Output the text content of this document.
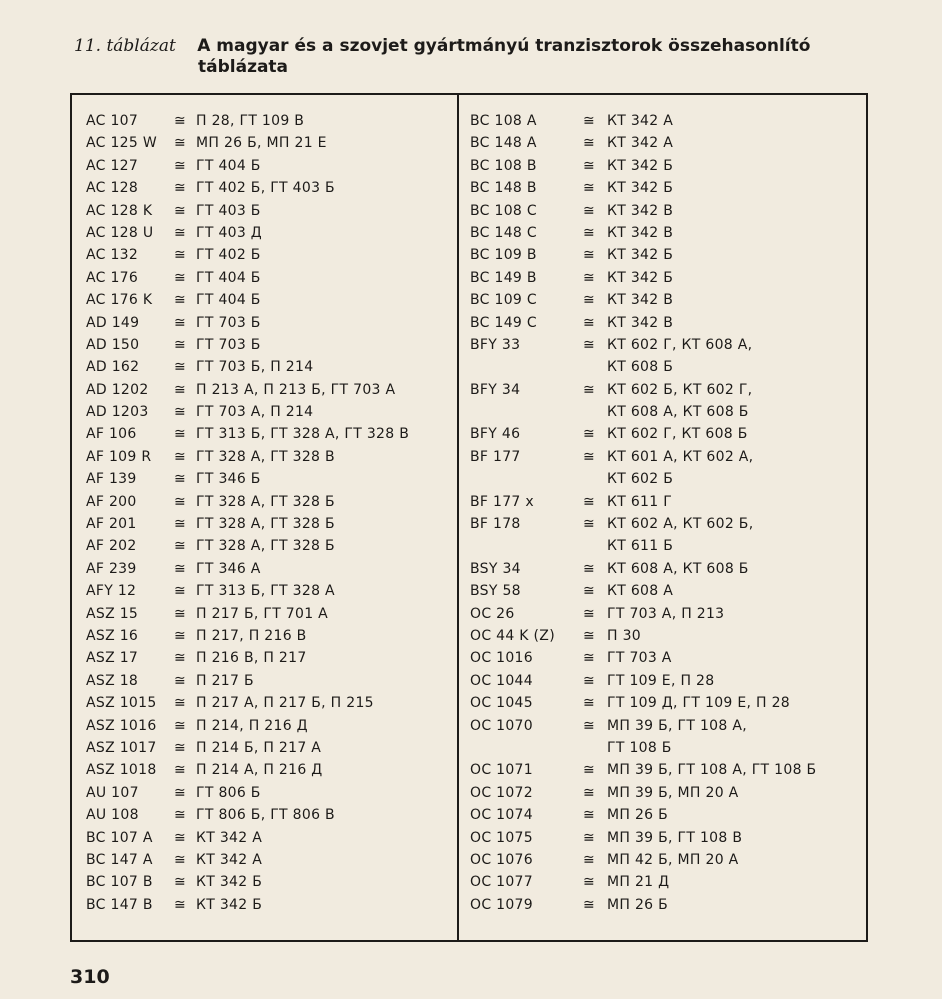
11. táblázat A magyar és a szovjet gyártmányú tranzisztorok összehasonlító
táblázata
AC 107	≅ П 28, ГТ 109 В
AC 125 W ≅ МП 26 Б, МП 21 Е
AC 127	≅ ГТ 404 Б
AC 128	≅ ГТ 402 Б, ГТ 403 Б
AC 128 K ≅ ГТ 403 Б
AC 128 U ≅ ГТ 403 Д
AC 132	≅ ГТ 402 Б
AC 176	≅ ГТ 404 Б
AC 176 K ≅ ГТ 404 Б
AD 149 ≅ ГТ 703 Б
AD 150 ≅ ГТ 703 Б
AD 162 ≅ ГТ 703 Б, П 214
AD 1202 ≅ П 213 А, П 213 Б, ГТ 703 А
AD 1203 ≅ ГТ 703 А, П 214
AF 106	≅ ГТ 313 Б, ГТ 328 А, ГТ 328 В
AF 109 R ≅ ГТ 328 А, ГТ 328 В
AF 139	≅ ГТ 346 Б
AF 200	≅ ГТ 328 А, ГТ 328 Б
AF 201	≅ ГТ 328 А, ГТ 328 Б
AF 202	≅ ГТ 328 А, ГТ 328 Б
AF 239	≅ ГТ 346 А
AFY 12	≅ ГТ 313 Б, ГТ 328 А
ASZ 15	≅ П 217 Б, ГТ 701 А
ASZ 16	≅ П 217, П 216 В
ASZ 17	≅ П 216 В, П 217
ASZ 18	≅ П 217 Б
ASZ 1015 ≅ П 217 А, П 217 Б, П 215
ASZ 1016 ≅ П 214, П 216 Д
ASZ 1017 ≅ П 214 Б, П 217 А
ASZ 1018 ≅ П 214 А, П 216 Д
AU 107	≅ ГТ 806 Б
AU 108	≅ ГТ 806 Б, ГТ 806 В
BC 107 A ≅ КТ 342 А
BC 147 A ≅ КТ 342 А
BC 107 B ≅ КТ 342 Б
BC 147 B ≅ КТ 342 Б
BC 108 A	≅ КТ 342 А
BC 148 A	≅ КТ 342 А
BC 108 B	≅ КТ 342 Б
BC 148 B	≅ КТ 342 Б
BC 108 C	≅ КТ 342 В
BC 148 C	≅ КТ 342 В
BC 109 B	≅ КТ 342 Б
BC 149 B	≅ КТ 342 Б
BC 109 C	≅ КТ 342 В
BC 149 C	≅ КТ 342 В
BFY 33	≅ КТ 602 Г, КТ 608 А,
КТ 608 Б
BFY 34	≅ КТ 602 Б, КТ 602 Г,
КТ 608 А, КТ 608 Б
BFY 46	≅ КТ 602 Г, КТ 608 Б
BF 177	≅ КТ 601 А, КТ 602 А,
КТ 602 Б
BF 177 x	≅ КТ 611 Г
BF 178	≅ КТ 602 А, КТ 602 Б,
КТ 611 Б
BSY 34	≅ КТ 608 А, КТ 608 Б
BSY 58	≅ КТ 608 А
OC 26	≅ ГТ 703 А, П 213
OC 44 K (Z) ≅ П 30
OC 1016	≅ ГТ 703 А
OC 1044	≅ ГТ 109 Е, П 28
OC 1045	≅ ГТ 109 Д, ГТ 109 Е, П 28
OC 1070	≅ МП 39 Б, ГТ 108 А,
ГТ 108 Б
OC 1071	≅ МП 39 Б, ГТ 108 А, ГТ 108 Б
OC 1072	≅ МП 39 Б, МП 20 А
OC 1074	≅ МП 26 Б
OC 1075	≅ МП 39 Б, ГТ 108 В
OC 1076	≅ МП 42 Б, МП 20 А
OC 1077	≅ МП 21 Д
OC 1079	≅ МП 26 Б
310
